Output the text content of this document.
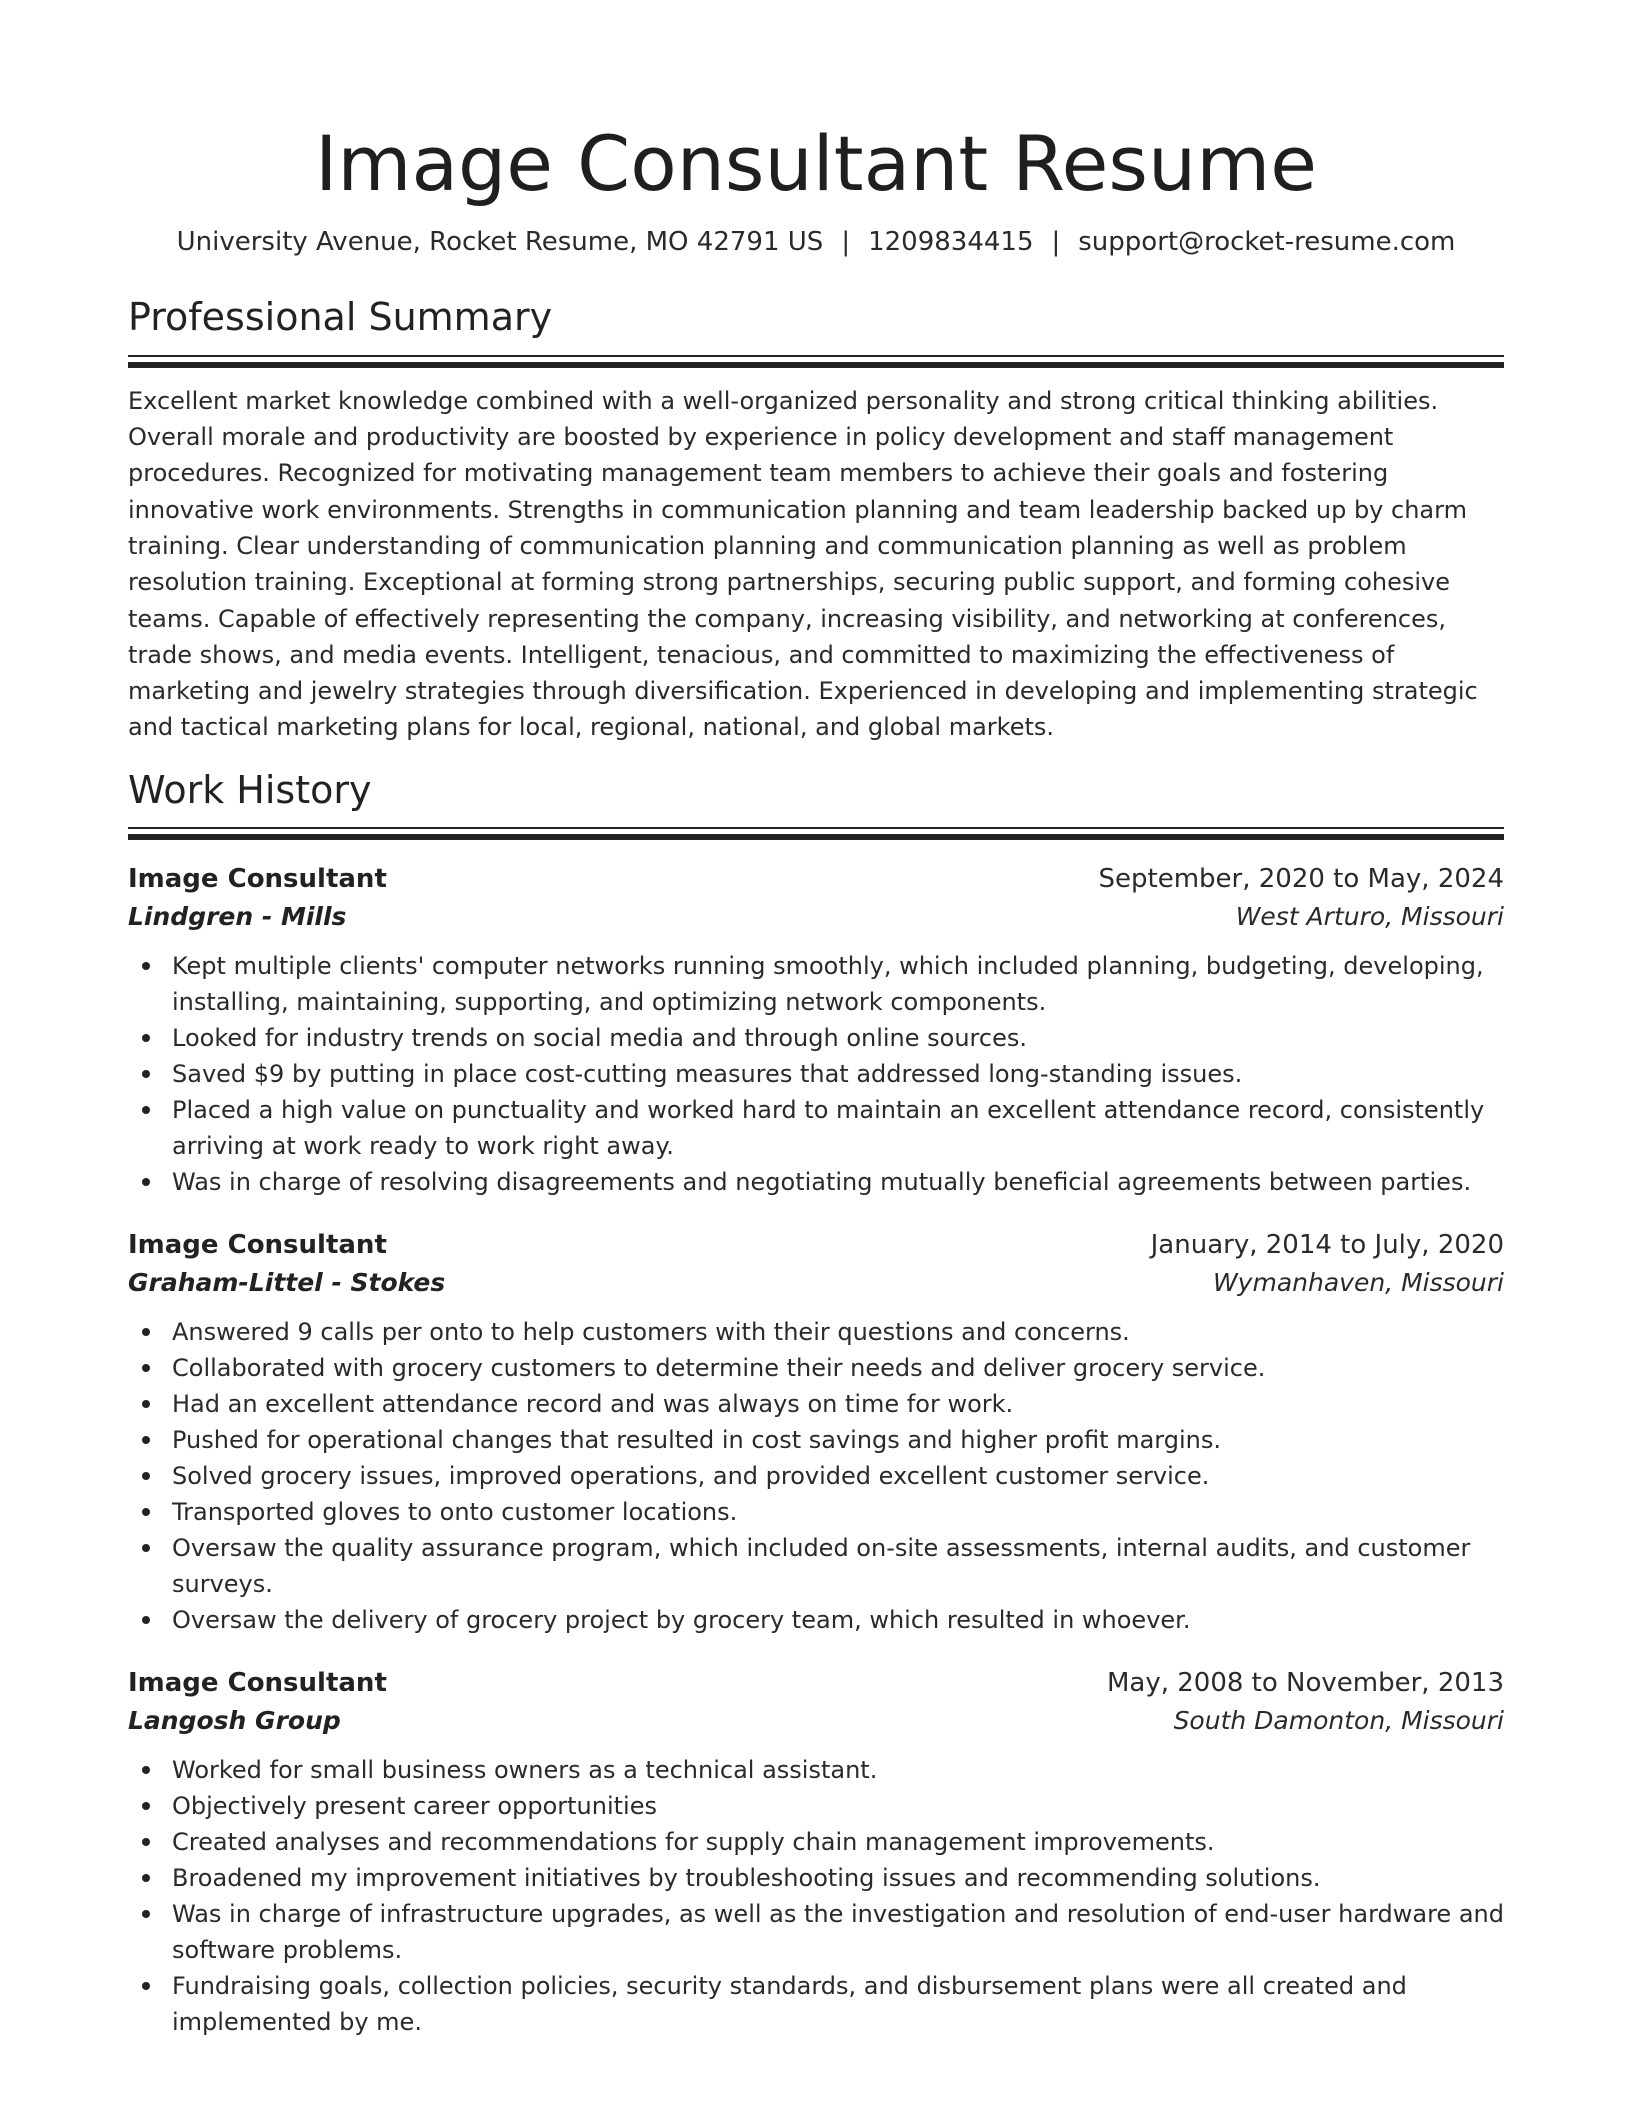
Image Consultant Resume
University Avenue, Rocket Resume, MO 42791 US | 1209834415 | support@rocket-resume.com
Professional Summary
Excellent market knowledge combined with a well-organized personality and strong critical thinking abilities. Overall morale and productivity are boosted by experience in policy development and staff management procedures. Recognized for motivating management team members to achieve their goals and fostering innovative work environments. Strengths in communication planning and team leadership backed up by charm training. Clear understanding of communication planning and communication planning as well as problem resolution training. Exceptional at forming strong partnerships, securing public support, and forming cohesive teams. Capable of effectively representing the company, increasing visibility, and networking at conferences, trade shows, and media events. Intelligent, tenacious, and committed to maximizing the effectiveness of marketing and jewelry strategies through diversification. Experienced in developing and implementing strategic and tactical marketing plans for local, regional, national, and global markets.
Work History
Image Consultant	September, 2020 to May, 2024
Lindgren - Mills	West Arturo, Missouri
Kept multiple clients' computer networks running smoothly, which included planning, budgeting, developing, installing, maintaining, supporting, and optimizing network components.
Looked for industry trends on social media and through online sources.
Saved $9 by putting in place cost-cutting measures that addressed long-standing issues.
Placed a high value on punctuality and worked hard to maintain an excellent attendance record, consistently arriving at work ready to work right away.
Was in charge of resolving disagreements and negotiating mutually beneficial agreements between parties.
Image Consultant	January, 2014 to July, 2020
Graham-Littel - Stokes	Wymanhaven, Missouri
Answered 9 calls per onto to help customers with their questions and concerns.
Collaborated with grocery customers to determine their needs and deliver grocery service.
Had an excellent attendance record and was always on time for work.
Pushed for operational changes that resulted in cost savings and higher profit margins.
Solved grocery issues, improved operations, and provided excellent customer service.
Transported gloves to onto customer locations.
Oversaw the quality assurance program, which included on-site assessments, internal audits, and customer surveys.
Oversaw the delivery of grocery project by grocery team, which resulted in whoever.
Image Consultant	May, 2008 to November, 2013
Langosh Group	South Damonton, Missouri
Worked for small business owners as a technical assistant.
Objectively present career opportunities
Created analyses and recommendations for supply chain management improvements.
Broadened my improvement initiatives by troubleshooting issues and recommending solutions.
Was in charge of infrastructure upgrades, as well as the investigation and resolution of end-user hardware and software problems.
Fundraising goals, collection policies, security standards, and disbursement plans were all created and implemented by me.
